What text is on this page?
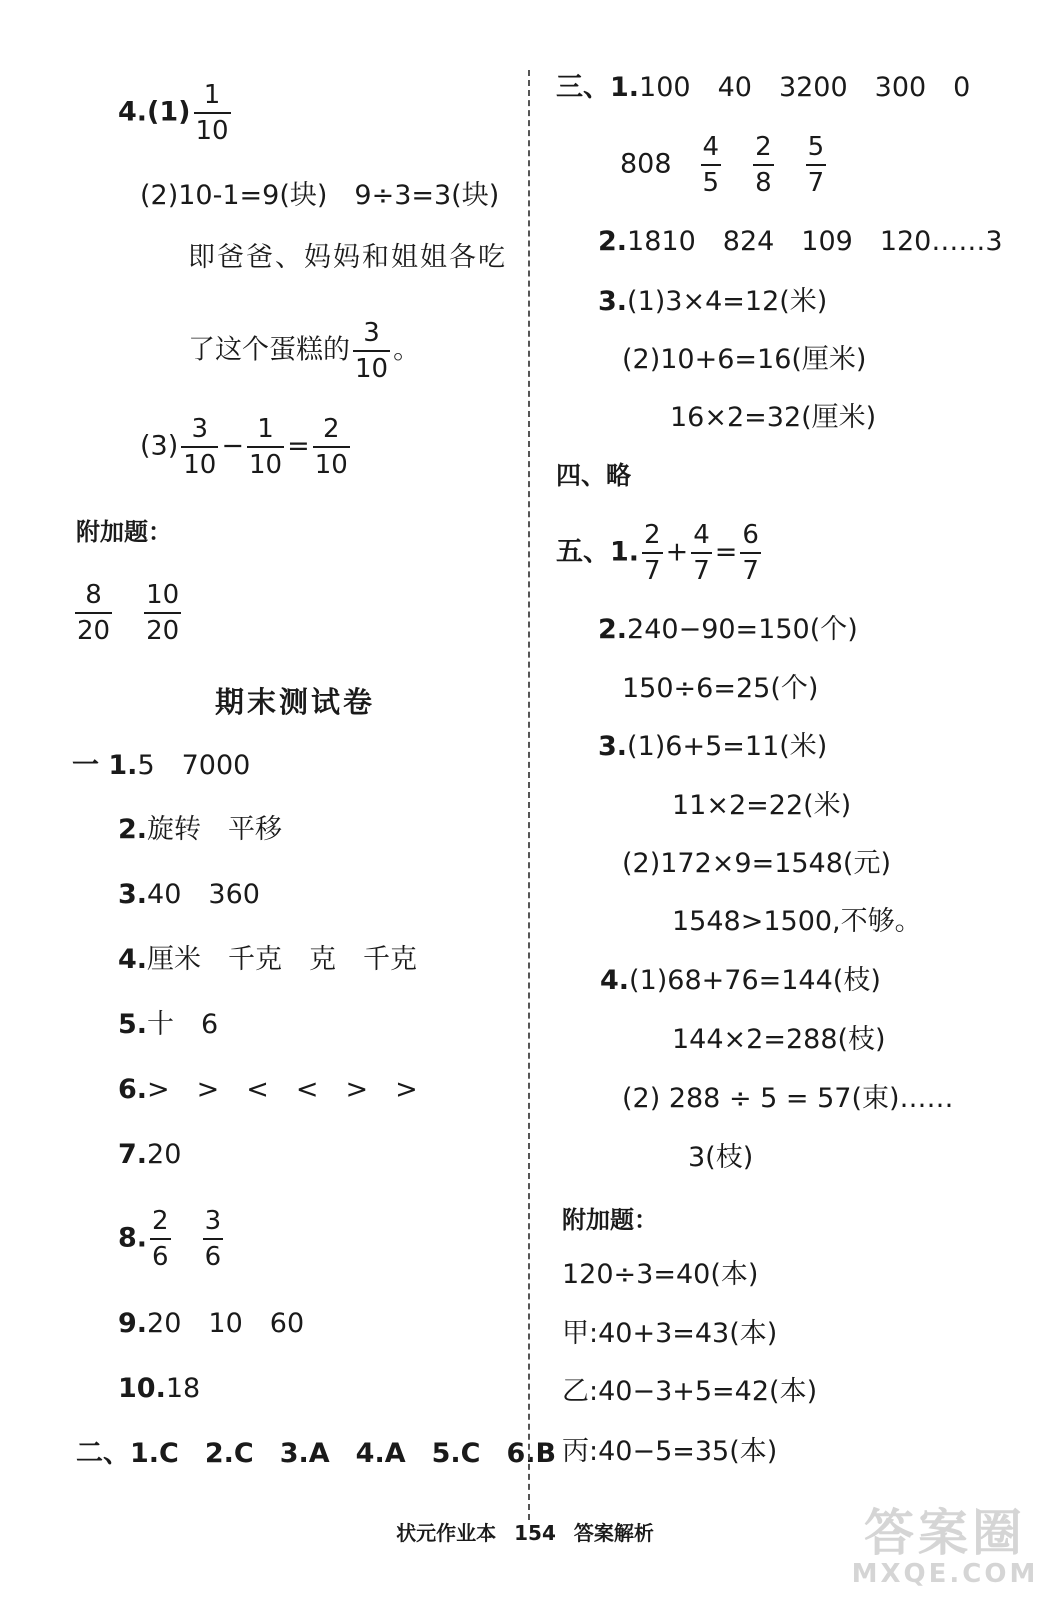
$4.(1) \frac{1}{10}$
(2)10-1=9(块)　9÷3=3(块)
即爸爸、妈妈和姐姐各吃
了这个蛋糕的 $\frac{3}{10}$ 。
$(3) \frac{3}{10} - \frac{1}{10} = \frac{2}{10}$
附加题：
$\frac{8}{20} \frac{10}{20}$
期末测试卷
一 1.5　7000
2.旋转　平移
3.40　360
4.厘米　千克　克　千克
5.十　6
6.>　>　<　<　>　>
7.20
8. $\frac{2}{6} \frac{3}{6}$
9.20　10　60
10.18
二、1.C 2.C 3.A 4.A 5.C 6.B
三、1.100　40　3200　300　0
$808 \frac{4}{5} \frac{2}{8} \frac{5}{7}$
2.1810　824　109　120……3
3.(1)3×4=12(米)
(2)10+6=16(厘米)
16×2=32(厘米)
四、略
五、1. $\frac{2}{7} + \frac{4}{7} = \frac{6}{7}$
2.240−90=150(个)
150÷6=25(个)
3.(1)6+5=11(米)
11×2=22(米)
(2)172×9=1548(元)
1548>1500,不够。
4.(1)68+76=144(枝)
144×2=288(枝)
(2) 288 ÷ 5 = 57(束)……
3(枝)
附加题：
120÷3=40(本)
甲:40+3=43(本)
乙:40−3+5=42(本)
丙:40−5=35(本)
状元作业本 154 答案解析	答案圈
MXQE.COM
